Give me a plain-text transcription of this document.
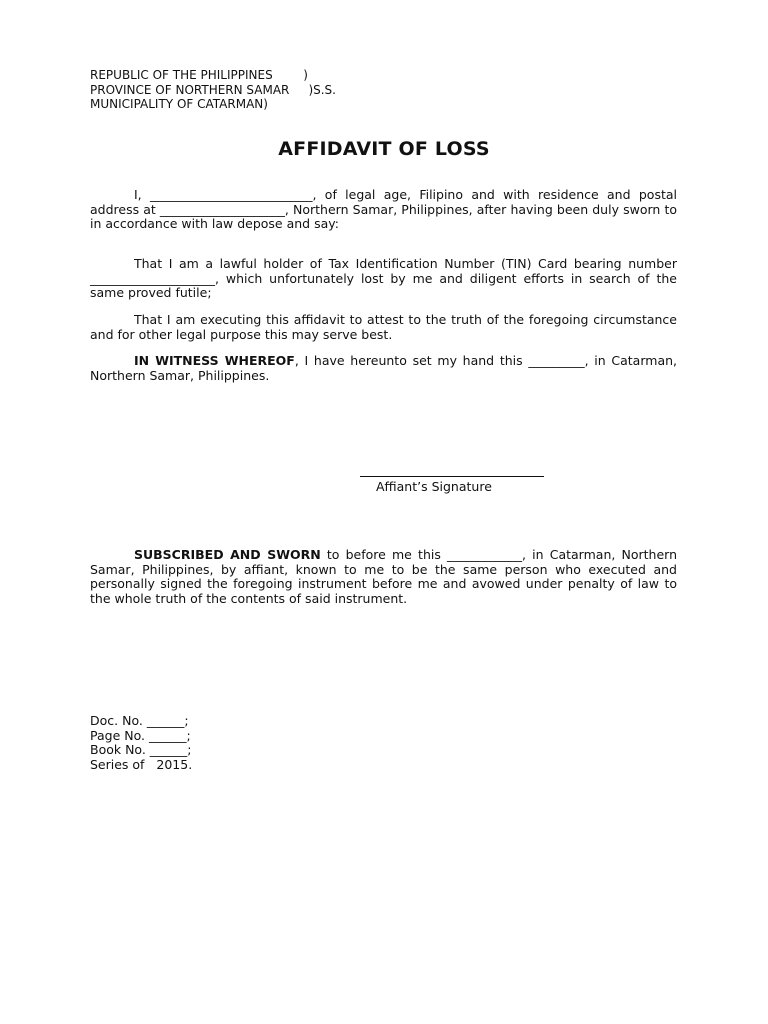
REPUBLIC OF THE PHILIPPINES        )
PROVINCE OF NORTHERN SAMAR     )S.S.
MUNICIPALITY OF CATARMAN)
AFFIDAVIT OF LOSS

I, __________________________, of legal age, Filipino and with residence and postal address at ____________________, Northern Samar, Philippines, after having been duly sworn to in accordance with law depose and say:

That I am a lawful holder of Tax Identification Number (TIN) Card bearing number ____________________, which unfortunately lost by me and diligent efforts in search of the same proved futile;

That I am executing this affidavit to attest to the truth of the foregoing circumstance and for other legal purpose this may serve best.

IN WITNESS WHEREOF, I have hereunto set my hand this _________, in Catarman, Northern Samar, Philippines.

Affiant’s Signature

SUBSCRIBED AND SWORN to before me this ____________, in Catarman, Northern Samar, Philippines, by affiant, known to me to be the same person who executed and personally signed the foregoing instrument before me and avowed under penalty of law to the whole truth of the contents of said instrument.

Doc. No. ______;
Page No. ______;
Book No. ______;
Series of   2015.
